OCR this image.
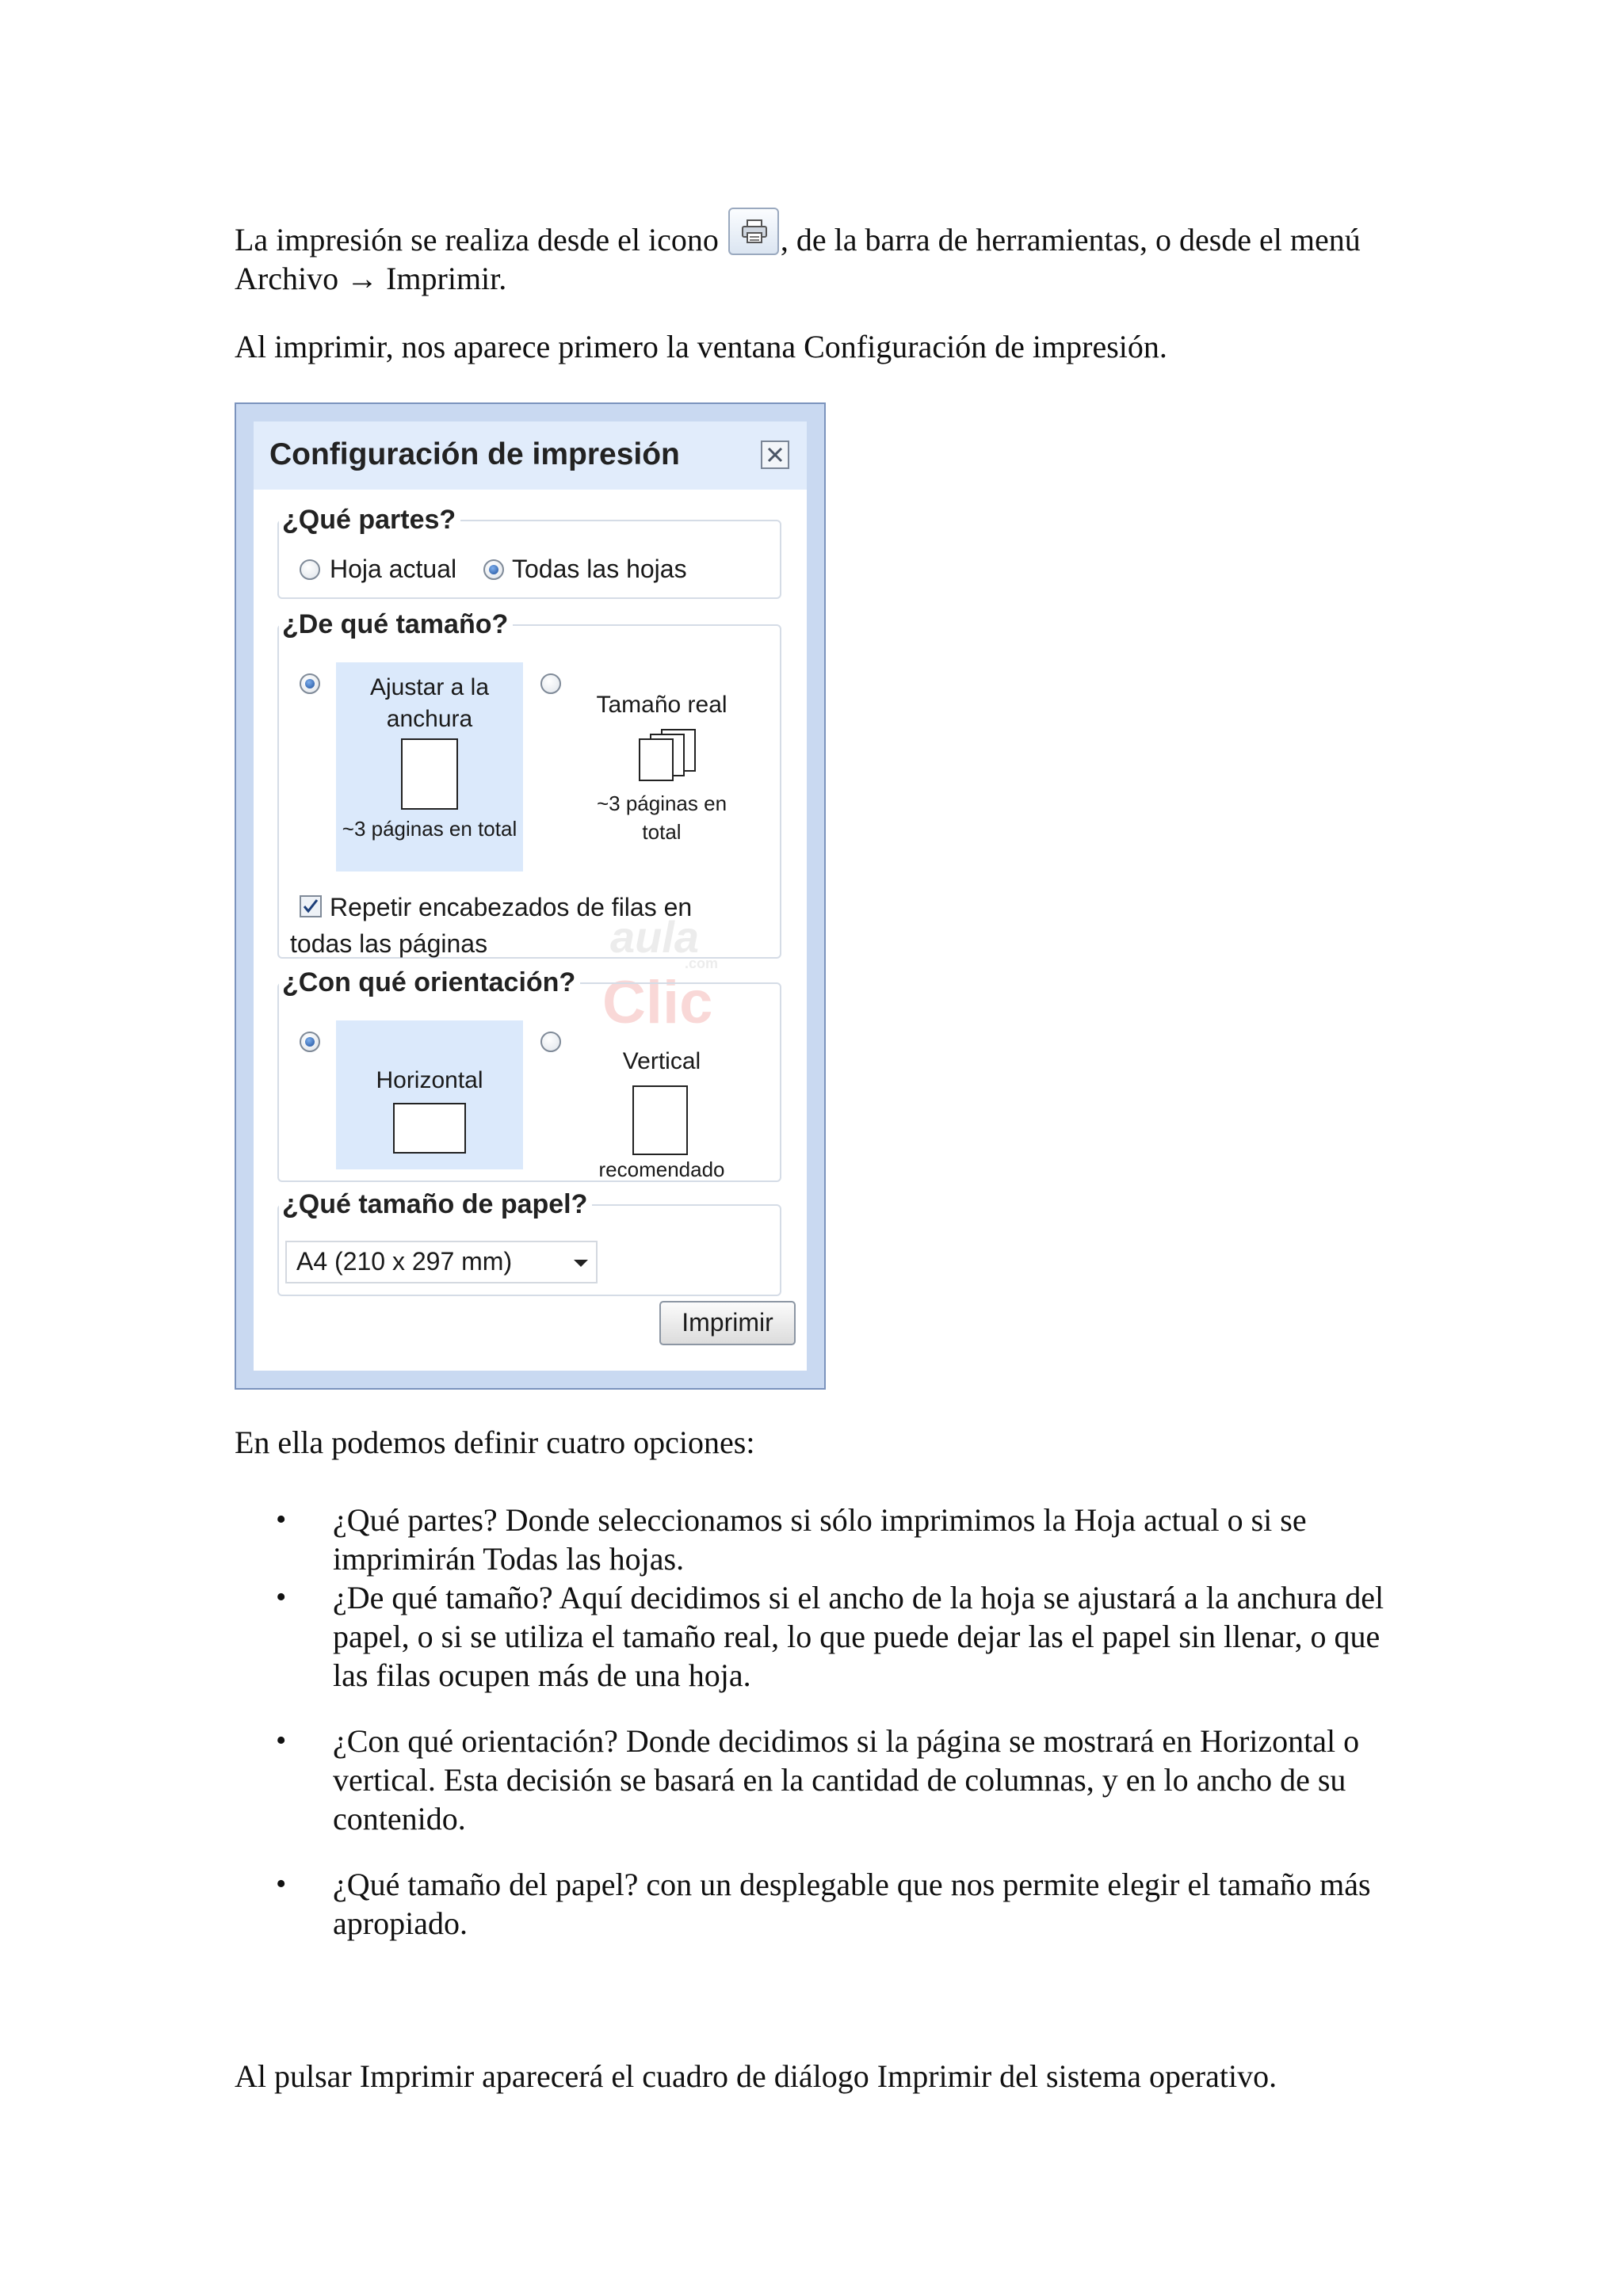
La impresión se realiza desde el icono , de la barra de herramientas, o desde el menú Archivo → Imprimir.

Al imprimir, nos aparece primero la ventana Configuración de impresión.

Configuración de impresión
aula
.com
Clic
¿Qué partes?
Hoja actual Todas las hojas
¿De qué tamaño?
Ajustar a la anchura
~3 páginas en total
Tamaño real
~3 páginas en total
Repetir encabezados de filas en todas las páginas
¿Con qué orientación?
Horizontal
Vertical
recomendado
¿Qué tamaño de papel?
A4 (210 x 297 mm)
Imprimir

En ella podemos definir cuatro opciones:

• ¿Qué partes? Donde seleccionamos si sólo imprimimos la Hoja actual o si se imprimirán Todas las hojas.
• ¿De qué tamaño? Aquí decidimos si el ancho de la hoja se ajustará a la anchura del papel, o si se utiliza el tamaño real, lo que puede dejar las el papel sin llenar, o que las filas ocupen más de una hoja.
• ¿Con qué orientación? Donde decidimos si la página se mostrará en Horizontal o vertical. Esta decisión se basará en la cantidad de columnas, y en lo ancho de su contenido.
• ¿Qué tamaño del papel? con un desplegable que nos permite elegir el tamaño más apropiado.

Al pulsar Imprimir aparecerá el cuadro de diálogo Imprimir del sistema operativo.
